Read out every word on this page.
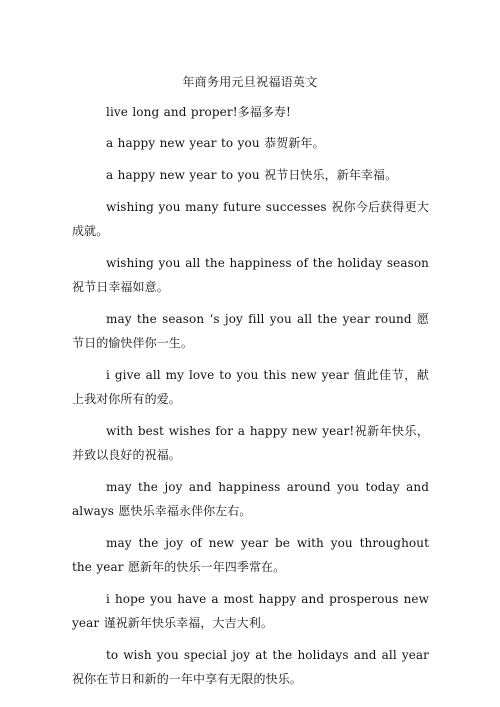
年商务用元旦祝福语英文

live long and proper!多福多寿!

a happy new year to you 恭贺新年。

a happy new year to you 祝节日快乐，新年幸福。

wishing you many future successes 祝你今后获得更大成就。

wishing you all the happiness of the holiday season 祝节日幸福如意。

may the season ‘s joy fill you all the year round 愿节日的愉快伴你一生。

i give all my love to you this new year 值此佳节，献上我对你所有的爱。

with best wishes for a happy new year!祝新年快乐，并致以良好的祝福。

may the joy and happiness around you today and always 愿快乐幸福永伴你左右。

may the joy of new year be with you throughout the year 愿新年的快乐一年四季常在。

i hope you have a most happy and prosperous new year 谨祝新年快乐幸福，大吉大利。

to wish you special joy at the holidays and all year 祝你在节日和新的一年中享有无限的快乐。
